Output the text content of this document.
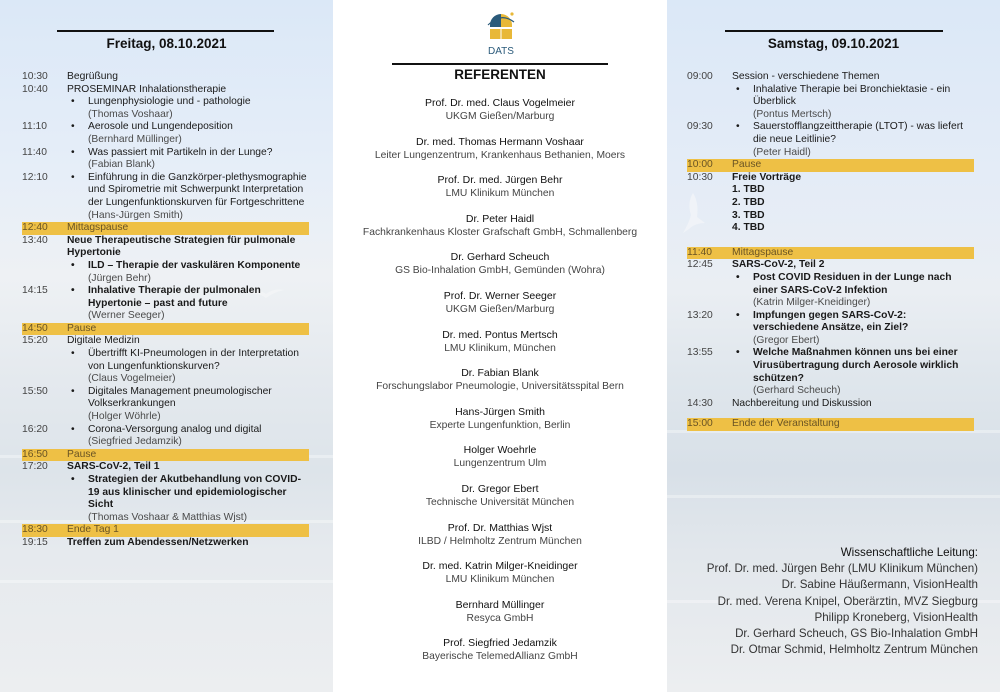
Freitag, 08.10.2021
10:30	Begrüßung
10:40	PROSEMINAR Inhalationstherapie
•	Lungenphysiologie und - pathologie
(Thomas Voshaar)
11:10	•	Aerosole und Lungendeposition
(Bernhard Müllinger)
11:40	•	Was passiert mit Partikeln in der Lunge?
(Fabian Blank)
12:10	•	Einführung in die Ganzkörper-plethysmographie und Spirometrie mit Schwerpunkt Interpretation der Lungenfunktionskurven für Fortgeschrittene
(Hans-Jürgen Smith)
12:40	Mittagspause
13:40	Neue Therapeutische Strategien für pulmonale Hypertonie
•	ILD – Therapie der vaskulären Komponente
(Jürgen Behr)
14:15	•	Inhalative Therapie der pulmonalen Hypertonie – past and future
(Werner Seeger)
14:50	Pause
15:20	Digitale Medizin
•	Übertrifft KI-Pneumologen in der Interpretation von Lungenfunktionskurven?
(Claus Vogelmeier)
15:50	•	Digitales Management pneumologischer Volkserkrankungen
(Holger Wöhrle)
16:20	•	Corona-Versorgung analog und digital
(Siegfried Jedamzik)
16:50	Pause
17:20	SARS-CoV-2, Teil 1
•	Strategien der Akutbehandlung von COVID-19 aus klinischer und epidemiologischer Sicht
(Thomas Voshaar & Matthias Wjst)
18:30	Ende Tag 1
19:15	Treffen zum Abendessen/Netzwerken
DATS
REFERENTEN
Prof. Dr. med. Claus Vogelmeier
UKGM Gießen/Marburg
Dr. med. Thomas Hermann Voshaar
Leiter Lungenzentrum, Krankenhaus Bethanien, Moers
Prof. Dr. med. Jürgen Behr
LMU Klinikum München
Dr. Peter Haidl
Fachkrankenhaus Kloster Grafschaft GmbH, Schmallenberg
Dr. Gerhard Scheuch
GS Bio-Inhalation GmbH, Gemünden (Wohra)
Prof. Dr. Werner Seeger
UKGM Gießen/Marburg
Dr. med. Pontus Mertsch
LMU Klinikum, München
Dr. Fabian Blank
Forschungslabor Pneumologie, Universitätsspital Bern
Hans-Jürgen Smith
Experte Lungenfunktion, Berlin
Holger Woehrle
Lungenzentrum Ulm
Dr. Gregor Ebert
Technische Universität München
Prof. Dr. Matthias Wjst
ILBD / Helmholtz Zentrum München
Dr. med. Katrin Milger-Kneidinger
LMU Klinikum München
Bernhard Müllinger
Resyca GmbH
Prof. Siegfried Jedamzik
Bayerische TelemedAllianz GmbH
Samstag, 09.10.2021
09:00	Session - verschiedene Themen
•	Inhalative Therapie bei Bronchiektasie - ein Überblick
(Pontus Mertsch)
09:30	•	Sauerstofflangzeittherapie (LTOT) - was liefert die neue Leitlinie?
(Peter Haidl)
10:00	Pause
10:30	Freie Vorträge
1. TBD
2. TBD
3. TBD
4. TBD
11:40	Mittagspause
12:45	SARS-CoV-2, Teil 2
•	Post COVID Residuen in der Lunge nach einer SARS-CoV-2 Infektion
(Katrin Milger-Kneidinger)
13:20	•	Impfungen gegen SARS-CoV-2: verschiedene Ansätze, ein Ziel?
(Gregor Ebert)
13:55	•	Welche Maßnahmen können uns bei einer Virusübertragung durch Aerosole wirklich schützen?
(Gerhard Scheuch)
14:30	Nachbereitung und Diskussion
15:00	Ende der Veranstaltung
Wissenschaftliche Leitung:
Prof. Dr. med. Jürgen Behr (LMU Klinikum München)
Dr. Sabine Häußermann, VisionHealth
Dr. med. Verena Knipel, Oberärztin, MVZ Siegburg
Philipp Kroneberg, VisionHealth
Dr. Gerhard Scheuch, GS Bio-Inhalation GmbH
Dr. Otmar Schmid, Helmholtz Zentrum München
